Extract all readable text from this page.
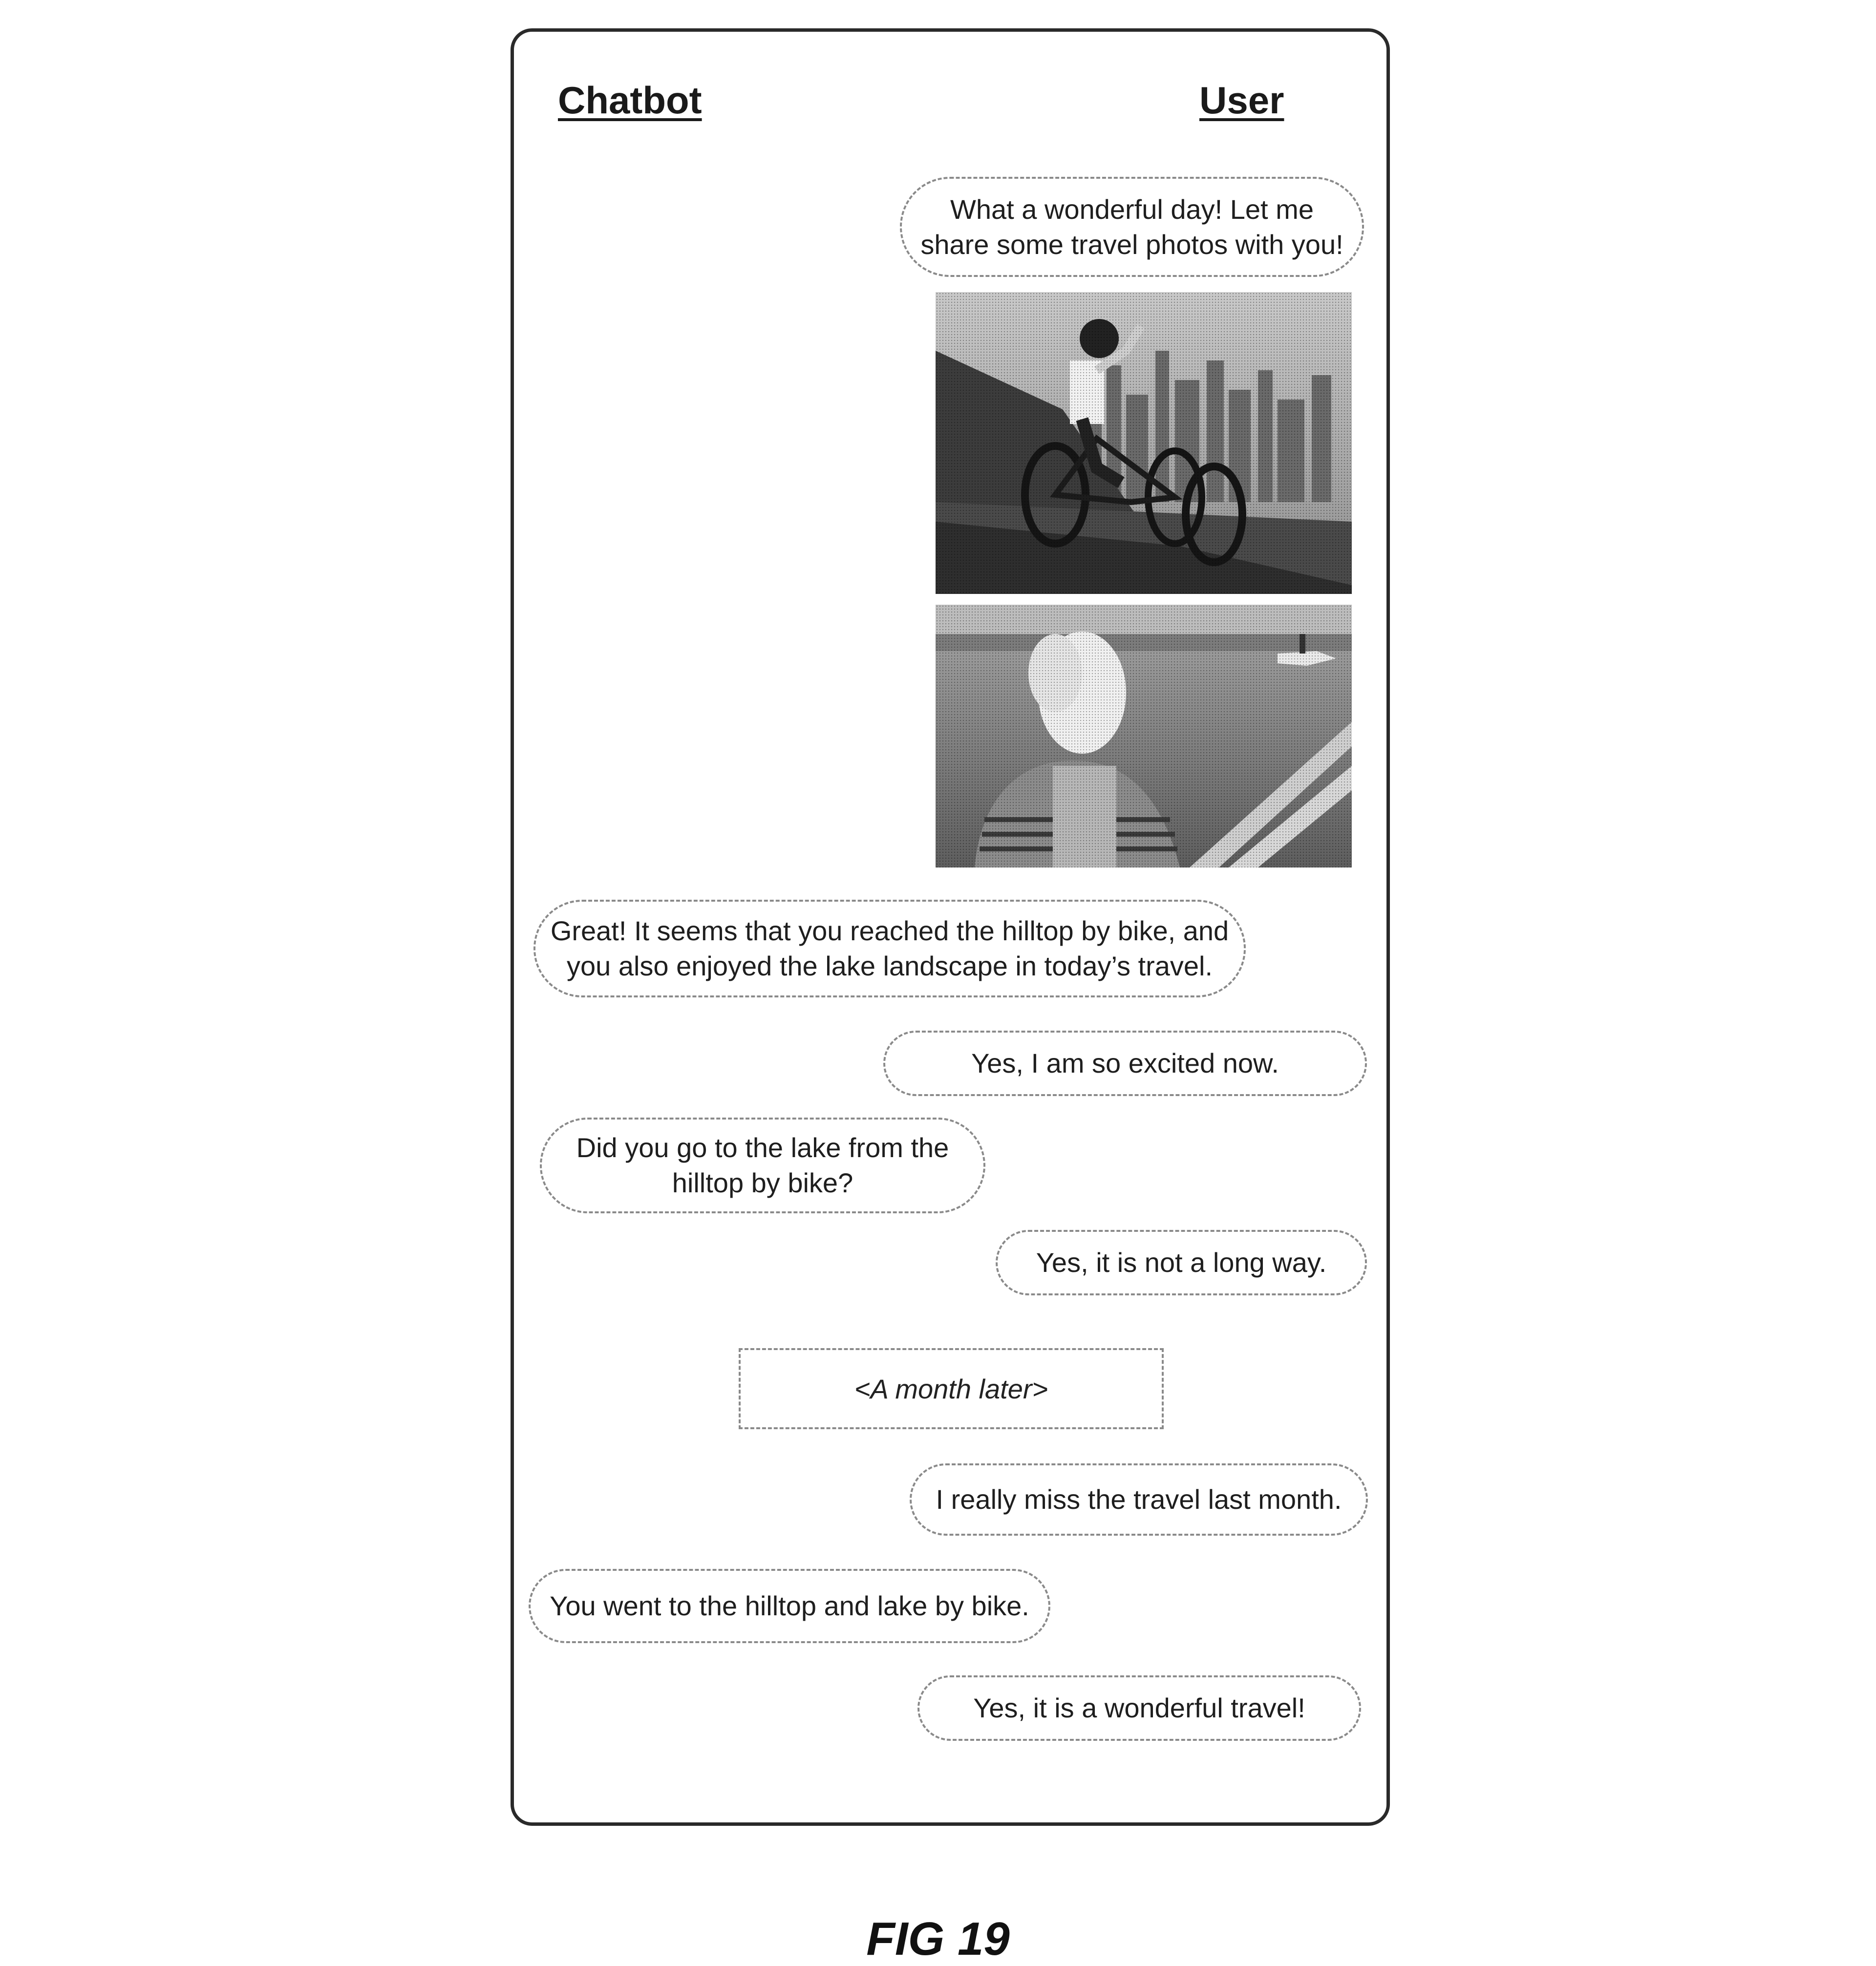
Chatbot	User
What a wonderful day! Let me share some travel photos with you!
Great! It seems that you reached the hilltop by bike, and you also enjoyed the lake landscape in today’s travel.
Yes, I am so excited now.
Did you go to the lake from the hilltop by bike?
Yes, it is not a long way.
<A month later>
I really miss the travel last month.
You went to the hilltop and lake by bike.
Yes, it is a wonderful travel!
FIG 19
